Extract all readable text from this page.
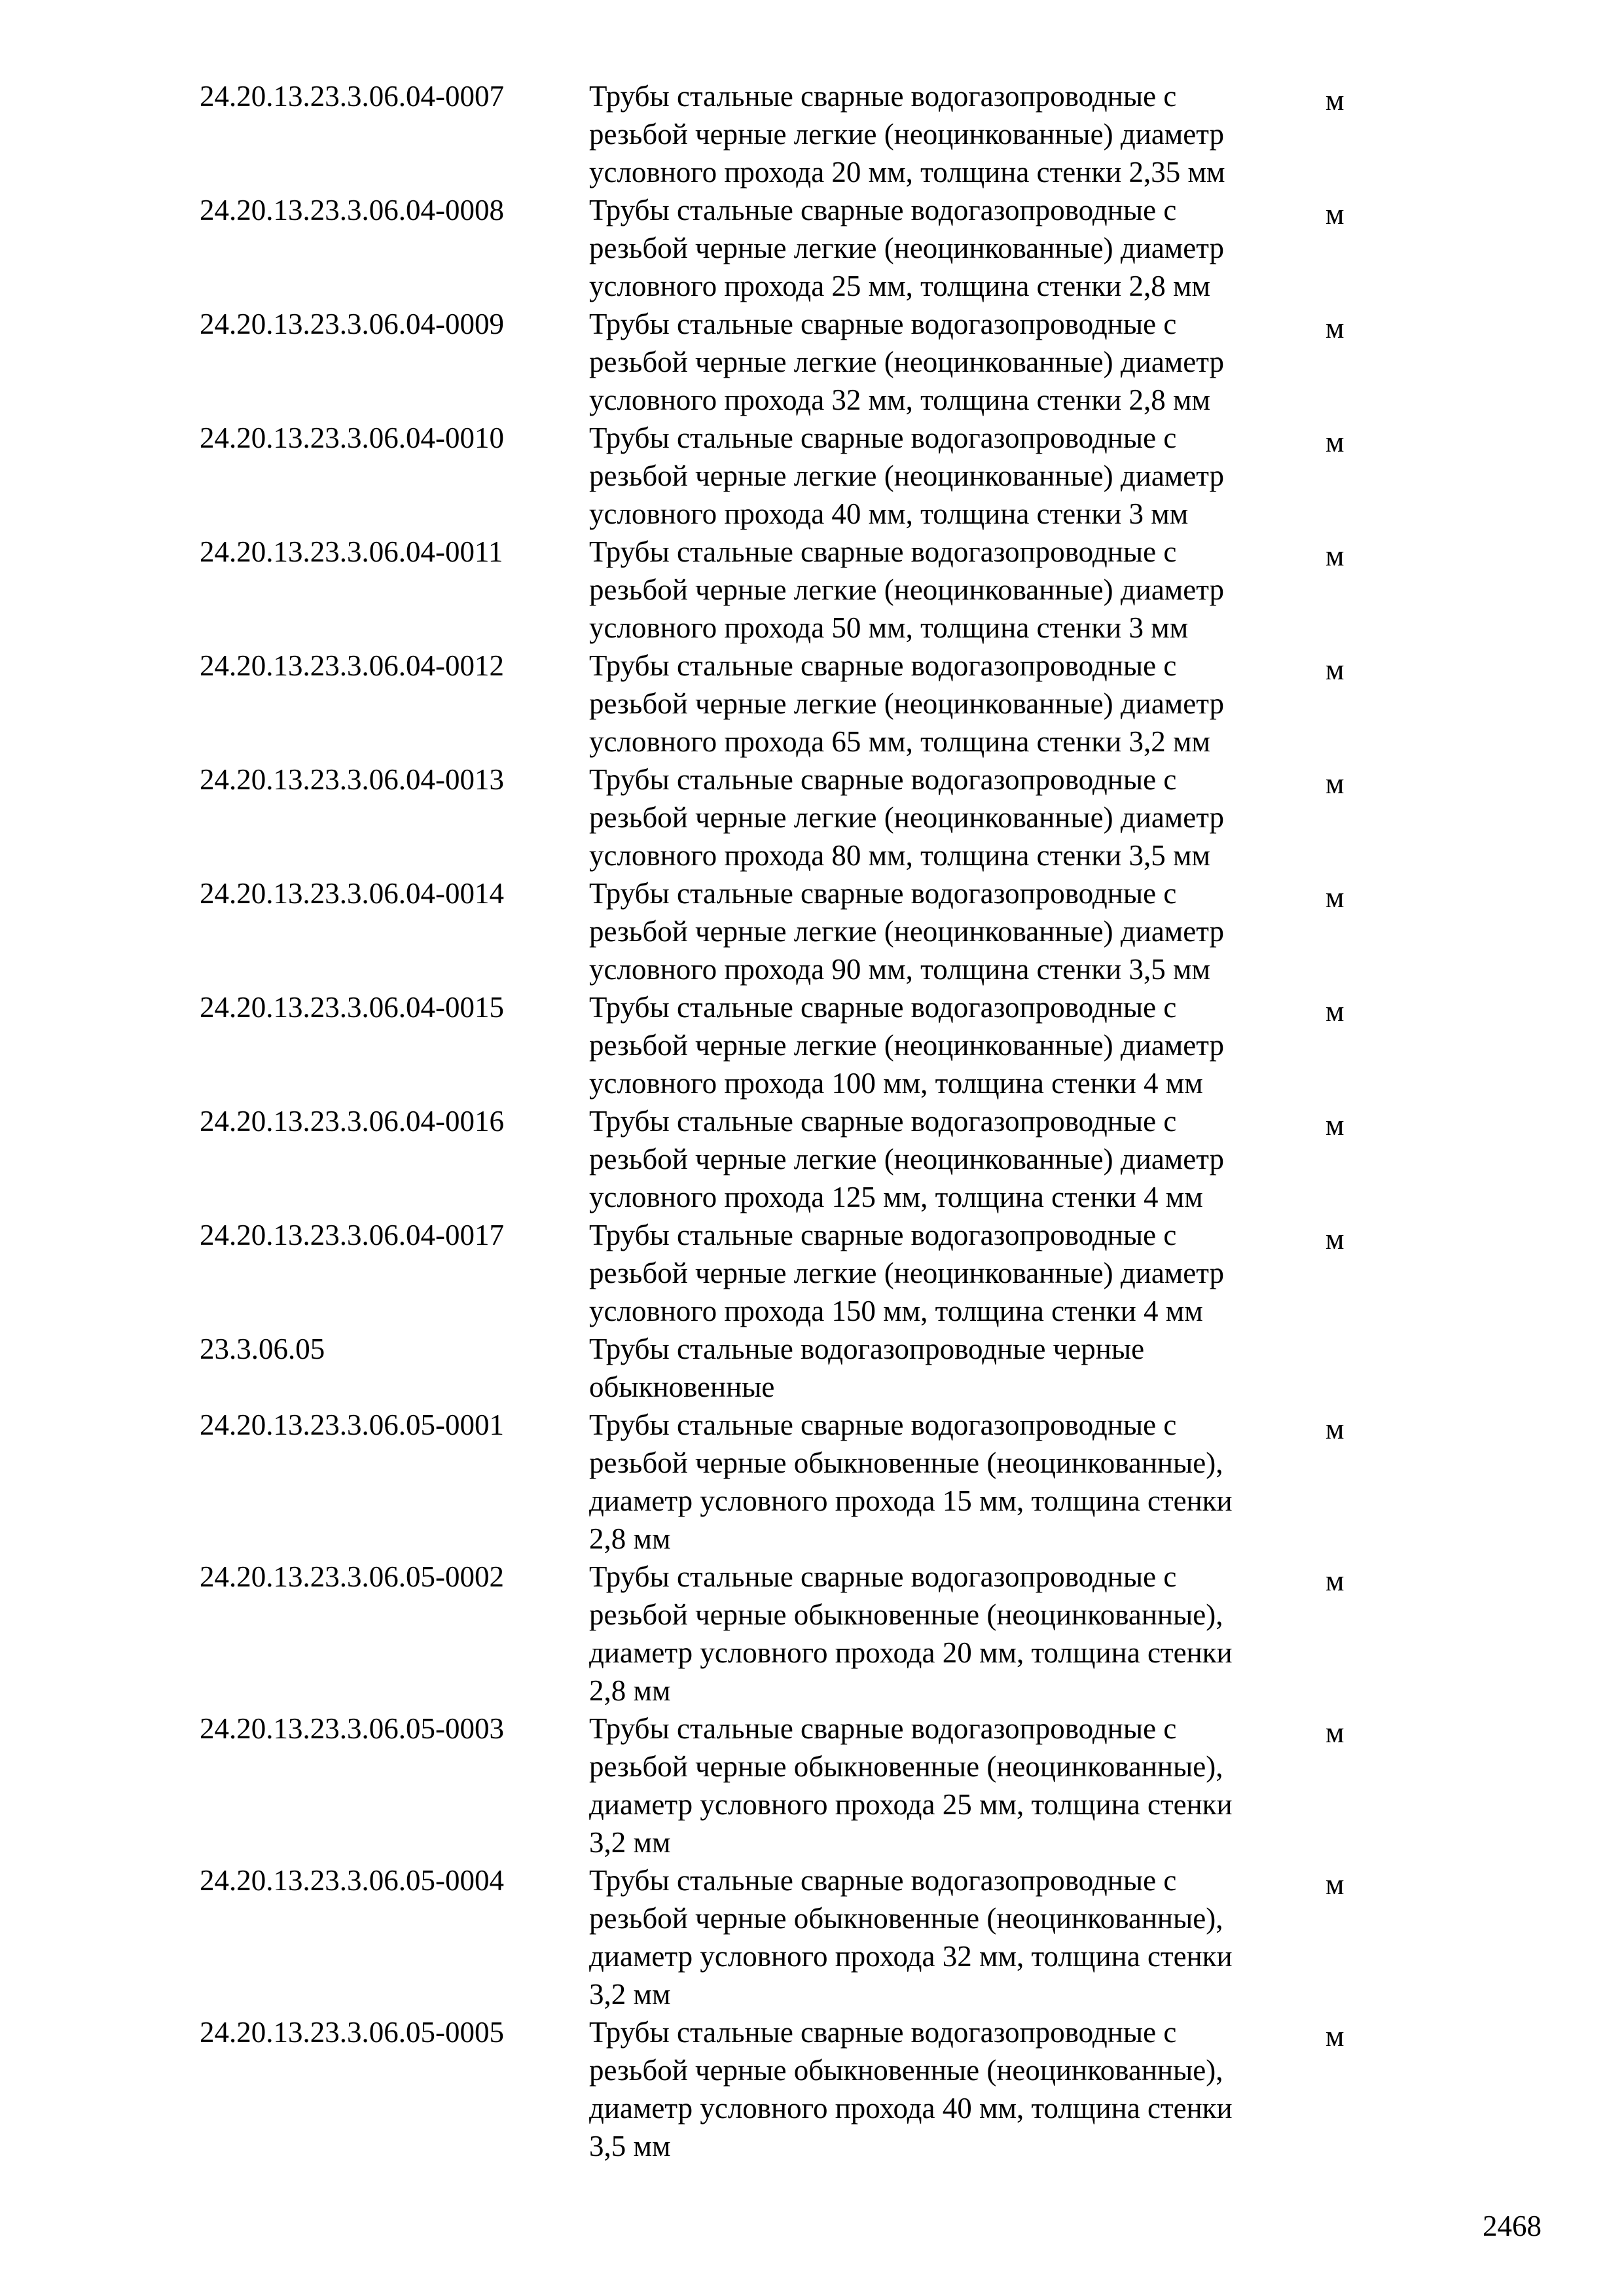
24.20.13.23.3.06.04-0007	Трубы стальные сварные водогазопроводные с
резьбой черные легкие (неоцинкованные) диаметр
условного прохода 20 мм, толщина стенки 2,35 мм
м
24.20.13.23.3.06.04-0008	Трубы стальные сварные водогазопроводные с
резьбой черные легкие (неоцинкованные) диаметр
условного прохода 25 мм, толщина стенки 2,8 мм
м
24.20.13.23.3.06.04-0009	Трубы стальные сварные водогазопроводные с
резьбой черные легкие (неоцинкованные) диаметр
условного прохода 32 мм, толщина стенки 2,8 мм
м
24.20.13.23.3.06.04-0010	Трубы стальные сварные водогазопроводные с
резьбой черные легкие (неоцинкованные) диаметр
условного прохода 40 мм, толщина стенки 3 мм
м
24.20.13.23.3.06.04-0011	Трубы стальные сварные водогазопроводные с
резьбой черные легкие (неоцинкованные) диаметр
условного прохода 50 мм, толщина стенки 3 мм
м
24.20.13.23.3.06.04-0012	Трубы стальные сварные водогазопроводные с
резьбой черные легкие (неоцинкованные) диаметр
условного прохода 65 мм, толщина стенки 3,2 мм
м
24.20.13.23.3.06.04-0013	Трубы стальные сварные водогазопроводные с
резьбой черные легкие (неоцинкованные) диаметр
условного прохода 80 мм, толщина стенки 3,5 мм
м
24.20.13.23.3.06.04-0014	Трубы стальные сварные водогазопроводные с
резьбой черные легкие (неоцинкованные) диаметр
условного прохода 90 мм, толщина стенки 3,5 мм
м
24.20.13.23.3.06.04-0015	Трубы стальные сварные водогазопроводные с
резьбой черные легкие (неоцинкованные) диаметр
условного прохода 100 мм, толщина стенки 4 мм
м
24.20.13.23.3.06.04-0016	Трубы стальные сварные водогазопроводные с
резьбой черные легкие (неоцинкованные) диаметр
условного прохода 125 мм, толщина стенки 4 мм
м
24.20.13.23.3.06.04-0017	Трубы стальные сварные водогазопроводные с
резьбой черные легкие (неоцинкованные) диаметр
условного прохода 150 мм, толщина стенки 4 мм
м
23.3.06.05	Трубы стальные водогазопроводные черные
обыкновенные
24.20.13.23.3.06.05-0001	Трубы стальные сварные водогазопроводные с
резьбой черные обыкновенные (неоцинкованные),
диаметр условного прохода 15 мм, толщина стенки
2,8 мм
м
24.20.13.23.3.06.05-0002	Трубы стальные сварные водогазопроводные с
резьбой черные обыкновенные (неоцинкованные),
диаметр условного прохода 20 мм, толщина стенки
2,8 мм
м
24.20.13.23.3.06.05-0003	Трубы стальные сварные водогазопроводные с
резьбой черные обыкновенные (неоцинкованные),
диаметр условного прохода 25 мм, толщина стенки
3,2 мм
м
24.20.13.23.3.06.05-0004	Трубы стальные сварные водогазопроводные с
резьбой черные обыкновенные (неоцинкованные),
диаметр условного прохода 32 мм, толщина стенки
3,2 мм
м
24.20.13.23.3.06.05-0005	Трубы стальные сварные водогазопроводные с
резьбой черные обыкновенные (неоцинкованные),
диаметр условного прохода 40 мм, толщина стенки
3,5 мм
м
2468
